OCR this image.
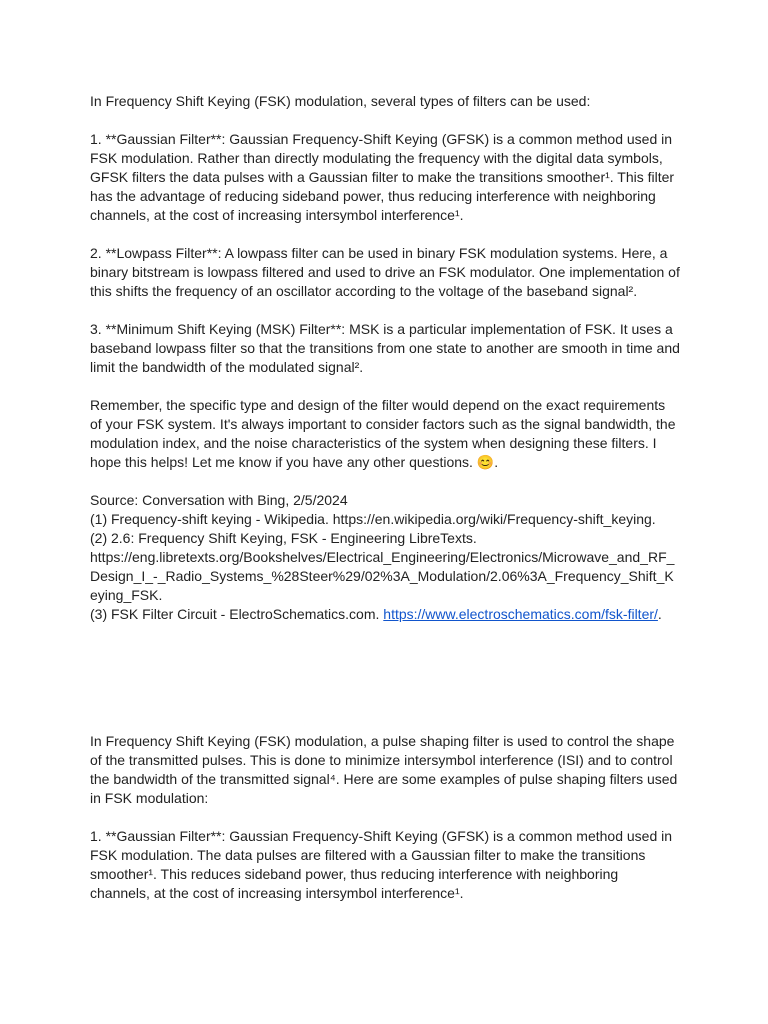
In Frequency Shift Keying (FSK) modulation, several types of filters can be used:

1. **Gaussian Filter**: Gaussian Frequency-Shift Keying (GFSK) is a common method used in FSK modulation. Rather than directly modulating the frequency with the digital data symbols, GFSK filters the data pulses with a Gaussian filter to make the transitions smoother¹. This filter has the advantage of reducing sideband power, thus reducing interference with neighboring channels, at the cost of increasing intersymbol interference¹.

2. **Lowpass Filter**: A lowpass filter can be used in binary FSK modulation systems. Here, a binary bitstream is lowpass filtered and used to drive an FSK modulator. One implementation of this shifts the frequency of an oscillator according to the voltage of the baseband signal².

3. **Minimum Shift Keying (MSK) Filter**: MSK is a particular implementation of FSK. It uses a baseband lowpass filter so that the transitions from one state to another are smooth in time and limit the bandwidth of the modulated signal².

Remember, the specific type and design of the filter would depend on the exact requirements of your FSK system. It's always important to consider factors such as the signal bandwidth, the modulation index, and the noise characteristics of the system when designing these filters. I hope this helps! Let me know if you have any other questions. 😊.

Source: Conversation with Bing, 2/5/2024
(1) Frequency-shift keying - Wikipedia. https://en.wikipedia.org/wiki/Frequency-shift_keying.
(2) 2.6: Frequency Shift Keying, FSK - Engineering LibreTexts.
https://eng.libretexts.org/Bookshelves/Electrical_Engineering/Electronics/Microwave_and_RF_Design_I_-_Radio_Systems_%28Steer%29/02%3A_Modulation/2.06%3A_Frequency_Shift_Keying_FSK.
(3) FSK Filter Circuit - ElectroSchematics.com. https://www.electroschematics.com/fsk-filter/.

In Frequency Shift Keying (FSK) modulation, a pulse shaping filter is used to control the shape of the transmitted pulses. This is done to minimize intersymbol interference (ISI) and to control the bandwidth of the transmitted signal⁴. Here are some examples of pulse shaping filters used in FSK modulation:

1. **Gaussian Filter**: Gaussian Frequency-Shift Keying (GFSK) is a common method used in FSK modulation. The data pulses are filtered with a Gaussian filter to make the transitions smoother¹. This reduces sideband power, thus reducing interference with neighboring channels, at the cost of increasing intersymbol interference¹.
